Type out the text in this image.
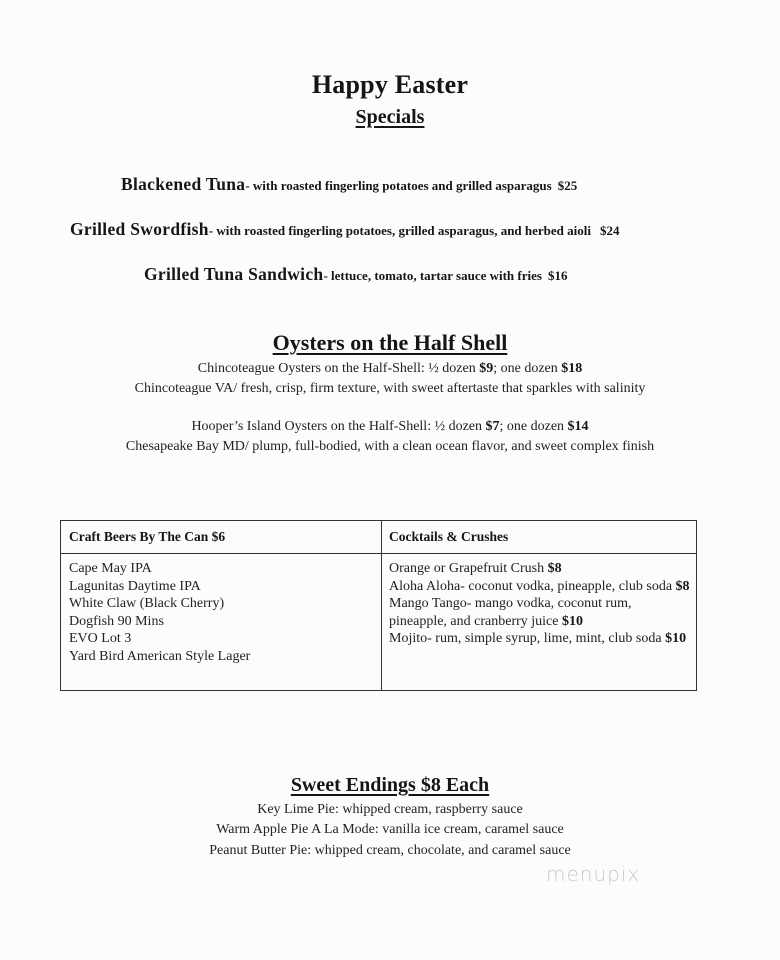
Happy Easter
Specials
Blackened Tuna- with roasted fingerling potatoes and grilled asparagus $25
Grilled Swordfish- with roasted fingerling potatoes, grilled asparagus, and herbed aioli $24
Grilled Tuna Sandwich- lettuce, tomato, tartar sauce with fries $16
Oysters on the Half Shell
Chincoteague Oysters on the Half-Shell: ½ dozen $9; one dozen $18
Chincoteague VA/ fresh, crisp, firm texture, with sweet aftertaste that sparkles with salinity
Hooper’s Island Oysters on the Half-Shell: ½ dozen $7; one dozen $14
Chesapeake Bay MD/ plump, full-bodied, with a clean ocean flavor, and sweet complex finish
Craft Beers By The Can $6
Cape May IPA
Lagunitas Daytime IPA
White Claw (Black Cherry)
Dogfish 90 Mins
EVO Lot 3
Yard Bird American Style Lager
Cocktails & Crushes
Orange or Grapefruit Crush $8
Aloha Aloha- coconut vodka, pineapple, club soda $8
Mango Tango- mango vodka, coconut rum, pineapple, and cranberry juice $10
Mojito- rum, simple syrup, lime, mint, club soda $10
Sweet Endings $8 Each
Key Lime Pie: whipped cream, raspberry sauce
Warm Apple Pie A La Mode: vanilla ice cream, caramel sauce
Peanut Butter Pie: whipped cream, chocolate, and caramel sauce
menupix
